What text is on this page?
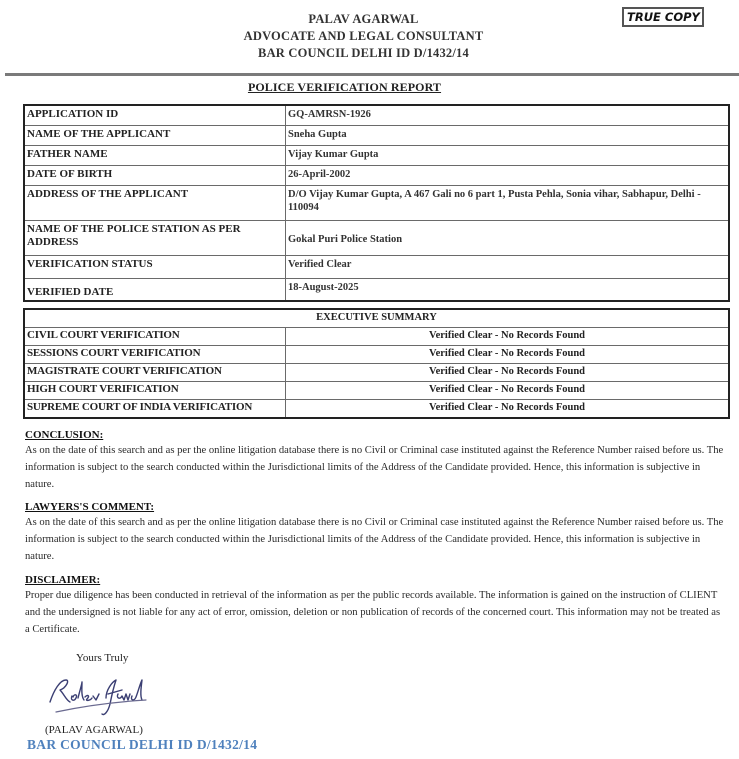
PALAV AGARWAL
ADVOCATE AND LEGAL CONSULTANT
BAR COUNCIL DELHI ID D/1432/14
TRUE COPY
POLICE VERIFICATION REPORT
APPLICATION ID	GQ-AMRSN-1926
NAME OF THE APPLICANT	Sneha Gupta
FATHER NAME	Vijay Kumar Gupta
DATE OF BIRTH	26-April-2002
ADDRESS OF THE APPLICANT	D/O Vijay Kumar Gupta, A 467 Gali no 6 part 1, Pusta Pehla, Sonia vihar, Sabhapur, Delhi - 110094
NAME OF THE POLICE STATION AS PER ADDRESS	Gokal Puri Police Station
VERIFICATION STATUS	Verified Clear
VERIFIED DATE	18-August-2025
EXECUTIVE SUMMARY	
CIVIL COURT VERIFICATION	Verified Clear - No Records Found
SESSIONS COURT VERIFICATION	Verified Clear - No Records Found
MAGISTRATE COURT VERIFICATION	Verified Clear - No Records Found
HIGH COURT VERIFICATION	Verified Clear - No Records Found
SUPREME COURT OF INDIA VERIFICATION	Verified Clear - No Records Found
CONCLUSION:

As on the date of this search and as per the online litigation database there is no Civil or Criminal case instituted against the Reference Number raised before us. The information is subject to the search conducted within the Jurisdictional limits of the Address of the Candidate provided. Hence, this information is subjective in nature.

LAWYERS'S COMMENT:

As on the date of this search and as per the online litigation database there is no Civil or Criminal case instituted against the Reference Number raised before us. The information is subject to the search conducted within the Jurisdictional limits of the Address of the Candidate provided. Hence, this information is subjective in nature.

DISCLAIMER:

Proper due diligence has been conducted in retrieval of the information as per the public records available. The information is gained on the instruction of CLIENT and the undersigned is not liable for any act of error, omission, deletion or non publication of records of the concerned court. This information may not be treated as a Certificate.

Yours Truly
(PALAV AGARWAL)
BAR COUNCIL DELHI ID D/1432/14
